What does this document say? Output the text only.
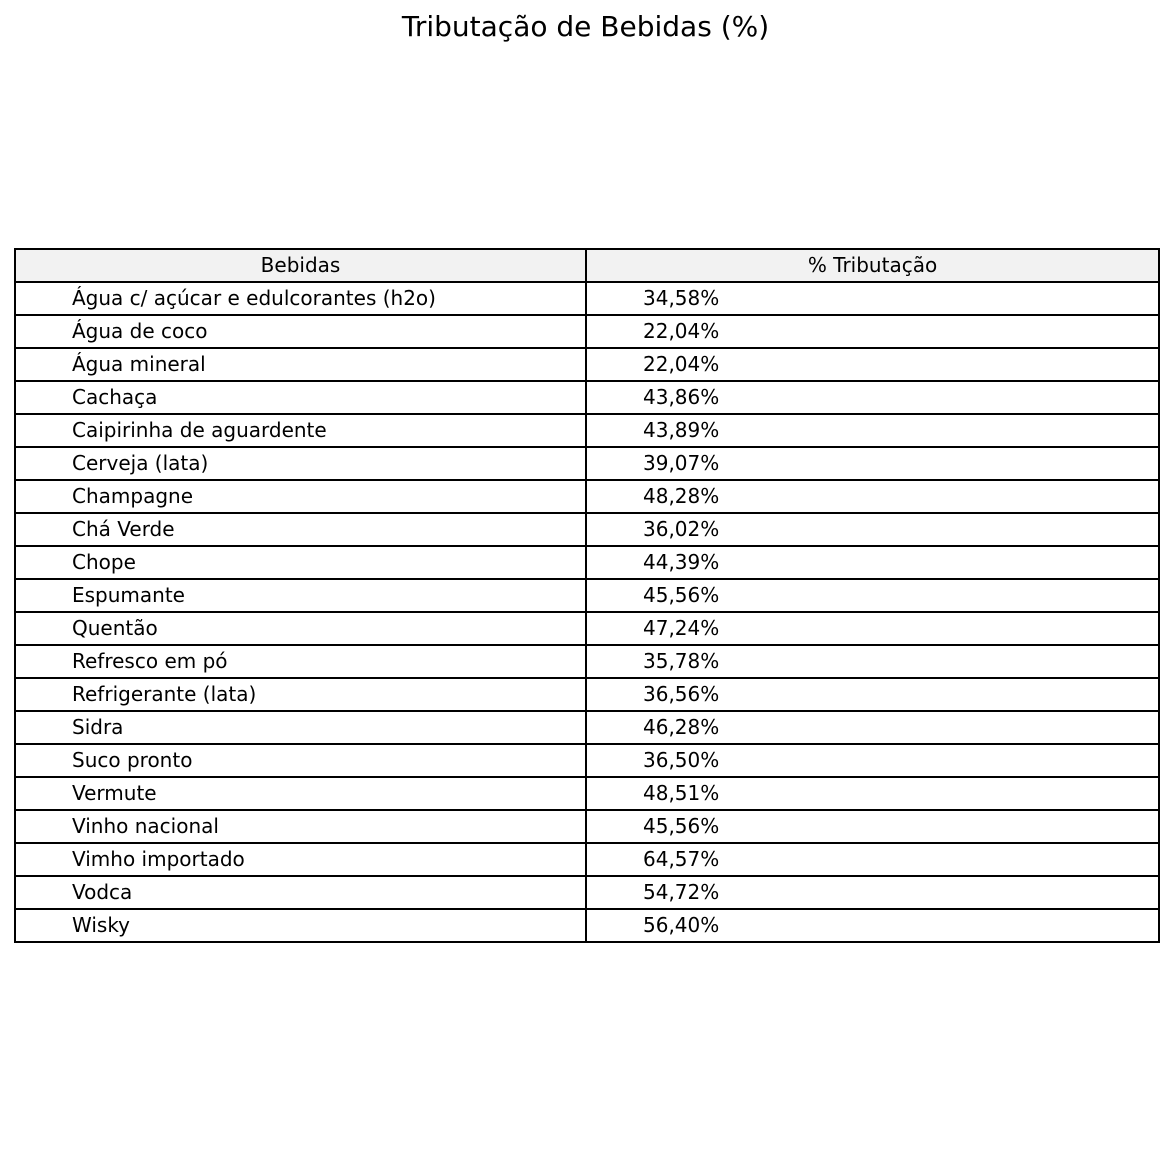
Tributação de Bebidas (%)
Bebidas	% Tributação
Água c/ açúcar e edulcorantes (h2o)	34,58%
Água de coco	22,04%
Água mineral	22,04%
Cachaça	43,86%
Caipirinha de aguardente	43,89%
Cerveja (lata)	39,07%
Champagne	48,28%
Chá Verde	36,02%
Chope	44,39%
Espumante	45,56%
Quentão	47,24%
Refresco em pó	35,78%
Refrigerante (lata)	36,56%
Sidra	46,28%
Suco pronto	36,50%
Vermute	48,51%
Vinho nacional	45,56%
Vimho importado	64,57%
Vodca	54,72%
Wisky	56,40%
